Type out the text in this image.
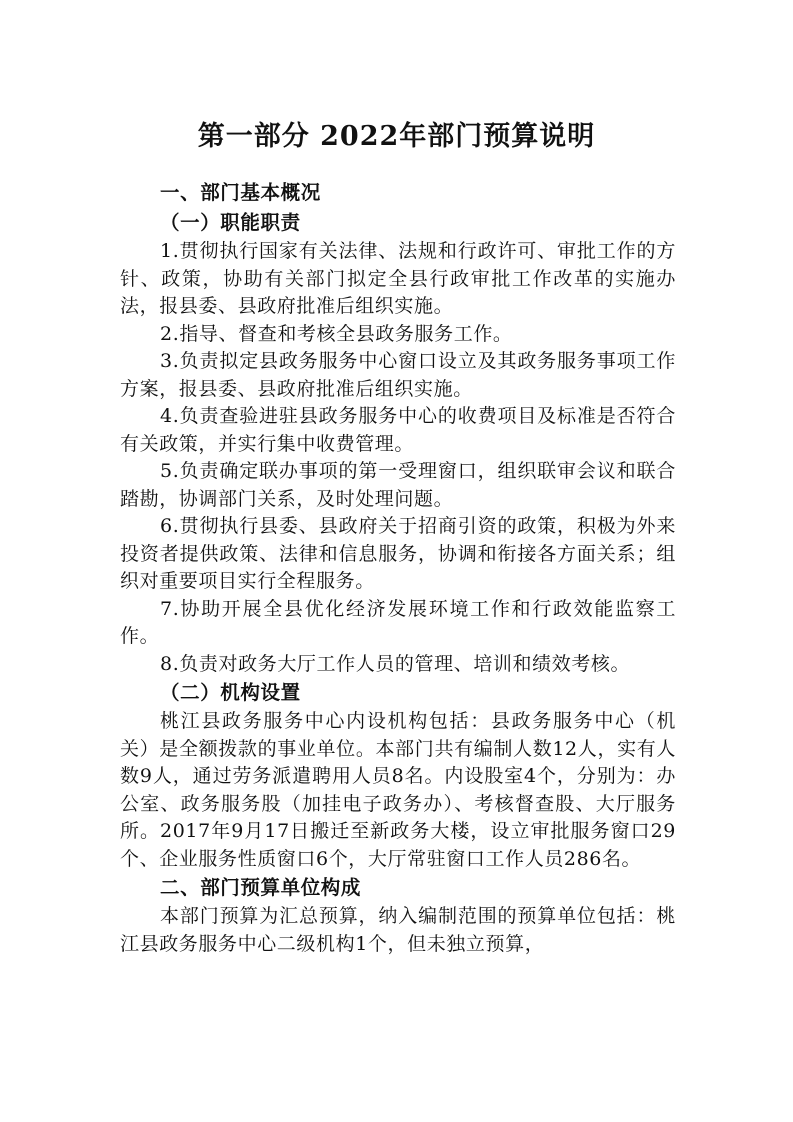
第一部分 2022年部门预算说明
一、部门基本概况
（一）职能职责

1.贯彻执行国家有关法律、法规和行政许可、审批工作的方针、政策，协助有关部门拟定全县行政审批工作改革的实施办法，报县委、县政府批准后组织实施。

2.指导、督查和考核全县政务服务工作。

3.负责拟定县政务服务中心窗口设立及其政务服务事项工作方案，报县委、县政府批准后组织实施。

4.负责查验进驻县政务服务中心的收费项目及标准是否符合有关政策，并实行集中收费管理。

5.负责确定联办事项的第一受理窗口，组织联审会议和联合踏勘，协调部门关系，及时处理问题。

6.贯彻执行县委、县政府关于招商引资的政策，积极为外来投资者提供政策、法律和信息服务，协调和衔接各方面关系；组织对重要项目实行全程服务。

7.协助开展全县优化经济发展环境工作和行政效能监察工作。

8.负责对政务大厅工作人员的管理、培训和绩效考核。

（二）机构设置

桃江县政务服务中心内设机构包括：县政务服务中心（机关）是全额拨款的事业单位。本部门共有编制人数12人，实有人数9人，通过劳务派遣聘用人员8名。内设股室4个，分别为：办公室、政务服务股（加挂电子政务办）、考核督查股、大厅服务所。2017年9月17日搬迁至新政务大楼，设立审批服务窗口29个、企业服务性质窗口6个，大厅常驻窗口工作人员286名。

二、部门预算单位构成

本部门预算为汇总预算，纳入编制范围的预算单位包括：桃江县政务服务中心二级机构1个，但未独立预算，
